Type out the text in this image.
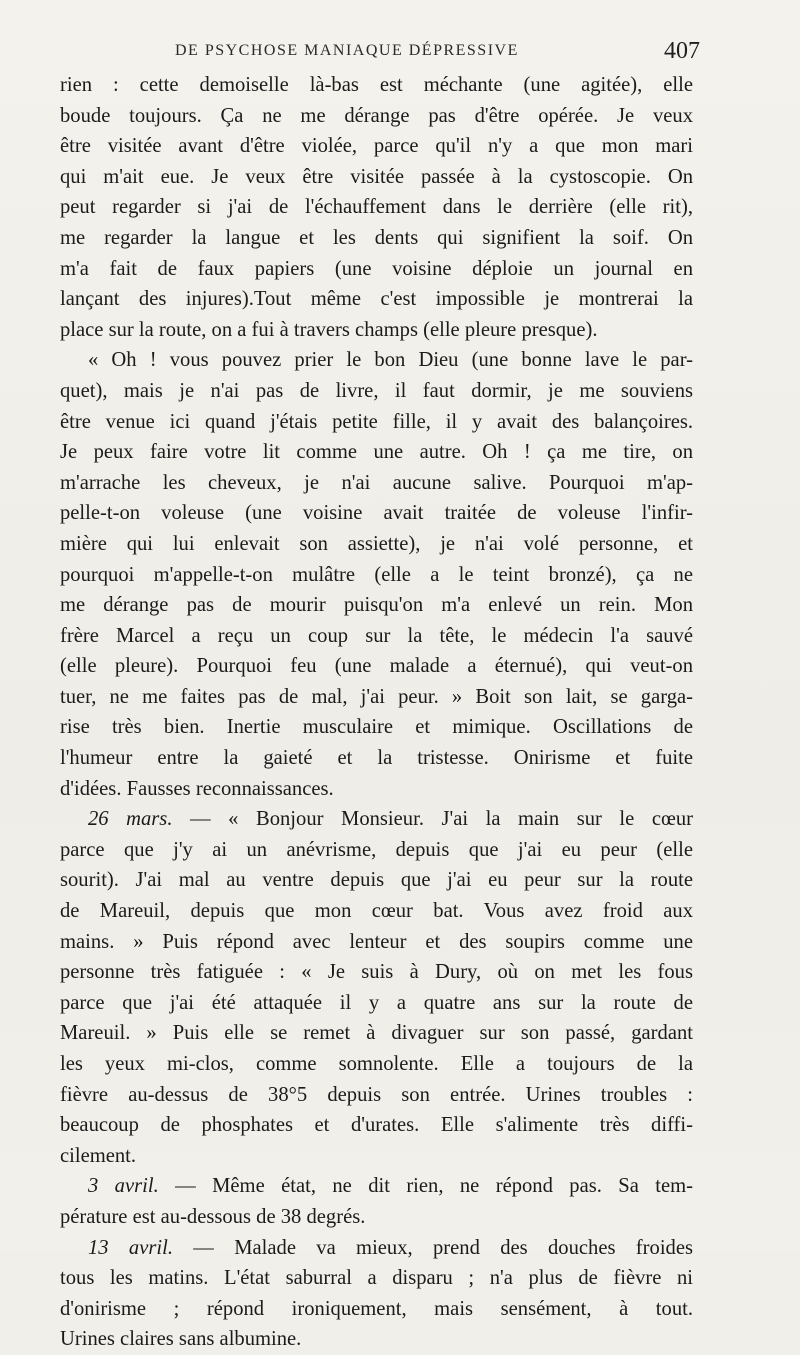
DE PSYCHOSE MANIAQUE DÉPRESSIVE	407
rien : cette demoiselle là-bas est méchante (une agitée), elle
boude toujours. Ça ne me dérange pas d'être opérée. Je veux
être visitée avant d'être violée, parce qu'il n'y a que mon mari
qui m'ait eue. Je veux être visitée passée à la cystoscopie. On
peut regarder si j'ai de l'échauffement dans le derrière (elle rit),
me regarder la langue et les dents qui signifient la soif. On
m'a fait de faux papiers (une voisine déploie un journal en
lançant des injures).Tout même c'est impossible je montrerai la
place sur la route, on a fui à travers champs (elle pleure presque).
« Oh ! vous pouvez prier le bon Dieu (une bonne lave le par-
quet), mais je n'ai pas de livre, il faut dormir, je me souviens
être venue ici quand j'étais petite fille, il y avait des balançoires.
Je peux faire votre lit comme une autre. Oh ! ça me tire, on
m'arrache les cheveux, je n'ai aucune salive. Pourquoi m'ap-
pelle-t-on voleuse (une voisine avait traitée de voleuse l'infir-
mière qui lui enlevait son assiette), je n'ai volé personne, et
pourquoi m'appelle-t-on mulâtre (elle a le teint bronzé), ça ne
me dérange pas de mourir puisqu'on m'a enlevé un rein. Mon
frère Marcel a reçu un coup sur la tête, le médecin l'a sauvé
(elle pleure). Pourquoi feu (une malade a éternué), qui veut-on
tuer, ne me faites pas de mal, j'ai peur. » Boit son lait, se garga-
rise très bien. Inertie musculaire et mimique. Oscillations de
l'humeur entre la gaieté et la tristesse. Onirisme et fuite
d'idées. Fausses reconnaissances.
26 mars. — « Bonjour Monsieur. J'ai la main sur le cœur
parce que j'y ai un anévrisme, depuis que j'ai eu peur (elle
sourit). J'ai mal au ventre depuis que j'ai eu peur sur la route
de Mareuil, depuis que mon cœur bat. Vous avez froid aux
mains. » Puis répond avec lenteur et des soupirs comme une
personne très fatiguée : « Je suis à Dury, où on met les fous
parce que j'ai été attaquée il y a quatre ans sur la route de
Mareuil. » Puis elle se remet à divaguer sur son passé, gardant
les yeux mi-clos, comme somnolente. Elle a toujours de la
fièvre au-dessus de 38°5 depuis son entrée. Urines troubles :
beaucoup de phosphates et d'urates. Elle s'alimente très diffi-
cilement.
3 avril. — Même état, ne dit rien, ne répond pas. Sa tem-
pérature est au-dessous de 38 degrés.
13 avril. — Malade va mieux, prend des douches froides
tous les matins. L'état saburral a disparu ; n'a plus de fièvre ni
d'onirisme ; répond ironiquement, mais sensément, à tout.
Urines claires sans albumine.
